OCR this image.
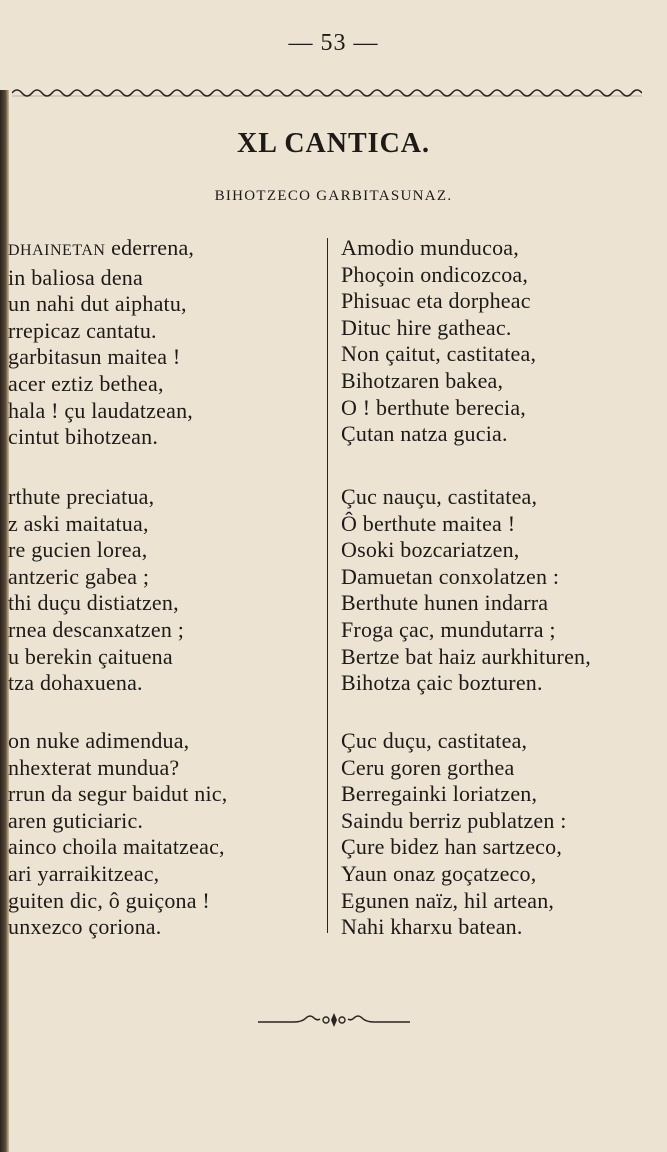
— 53 —
XL CANTICA.
BIHOTZECO GARBITASUNAZ.
DHAINETAN ederrena,
in baliosa dena
un nahi dut aiphatu,
rrepicaz cantatu.
garbitasun maitea !
acer eztiz bethea,
hala ! çu laudatzean,
cintut bihotzean.
rthute preciatua,
z aski maitatua,
re gucien lorea,
antzeric gabea ;
thi duçu distiatzen,
rnea descanxatzen ;
u berekin çaituena
tza dohaxuena.
on nuke adimendua,
nhexterat mundua?
rrun da segur baidut nic,
aren guticiaric.
ainco choila maitatzeac,
ari yarraikitzeac,
guiten dic, ô guiçona !
unxezco çoriona.
Amodio munducoa,
Phoçoin ondicozcoa,
Phisuac eta dorpheac
Dituc hire gatheac.
Non çaitut, castitatea,
Bihotzaren bakea,
O ! berthute berecia,
Çutan natza gucia.
Çuc nauçu, castitatea,
Ô berthute maitea !
Osoki bozcariatzen,
Damuetan conxolatzen :
Berthute hunen indarra
Froga çac, mundutarra ;
Bertze bat haiz aurkhituren,
Bihotza çaic bozturen.
Çuc duçu, castitatea,
Ceru goren gorthea
Berregainki loriatzen,
Saindu berriz publatzen :
Çure bidez han sartzeco,
Yaun onaz goçatzeco,
Egunen naïz, hil artean,
Nahi kharxu batean.
